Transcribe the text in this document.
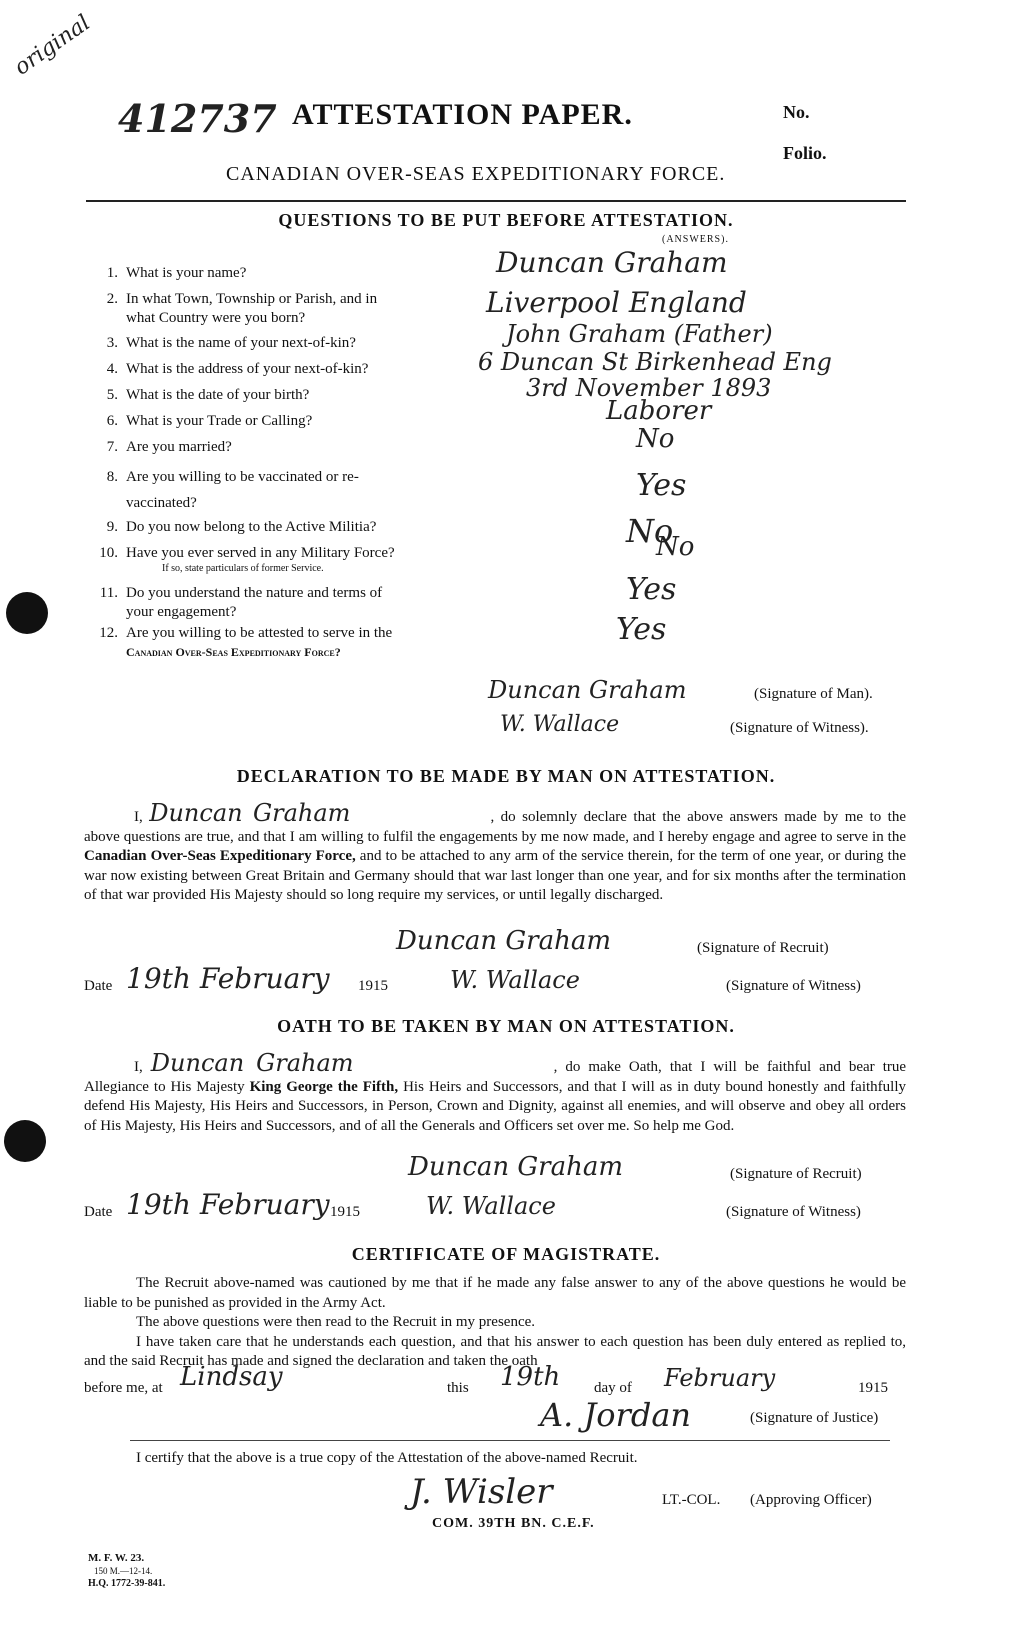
original
412737 ATTESTATION PAPER.	No.
Folio.
CANADIAN OVER-SEAS EXPEDITIONARY FORCE.
QUESTIONS TO BE PUT BEFORE ATTESTATION.
(ANSWERS).
1. What is your name?	Duncan Graham
2. In what Town, Township or Parish, and in
what Country were you born?	Liverpool England
3. What is the name of your next-of-kin?	John Graham (Father)
4. What is the address of your next-of-kin?	6 Duncan St Birkenhead Eng
5. What is the date of your birth?	3rd November 1893
6. What is your Trade or Calling?	Laborer
7. Are you married?	No
8. Are you willing to be vaccinated or re-
vaccinated?	Yes
9. Do you now belong to the Active Militia?	No
10. Have you ever served in any Military Force?
If so, state particulars of former Service.
No
11. Do you understand the nature and terms of
your engagement?
Yes
12. Are you willing to be attested to serve in the
Canadian Over-Seas Expeditionary Force?
Yes
Duncan Graham	(Signature of Man).
W. Wallace	(Signature of Witness).
DECLARATION TO BE MADE BY MAN ON ATTESTATION.
I, Duncan Graham	, do solemnly declare that the above answers made by me to the above questions are true, and that I am willing to fulfil the engagements by me now made, and I hereby engage and agree to serve in the Canadian Over-Seas Expeditionary Force, and to be attached to any arm of the service therein, for the term of one year, or during the war now existing between Great Britain and Germany should that war last longer than one year, and for six months after the termination of that war provided His Majesty should so long require my services, or until legally discharged.
Duncan Graham	(Signature of Recruit)
Date 19th February 1915	W. Wallace	(Signature of Witness)
OATH TO BE TAKEN BY MAN ON ATTESTATION.
I, Duncan Graham	, do make Oath, that I will be faithful and bear true Allegiance to His Majesty King George the Fifth, His Heirs and Successors, and that I will as in duty bound honestly and faithfully defend His Majesty, His Heirs and Successors, in Person, Crown and Dignity, against all enemies, and will observe and obey all orders of His Majesty, His Heirs and Successors, and of all the Generals and Officers set over me. So help me God.
Duncan Graham	(Signature of Recruit)
Date 19th February 1915	W. Wallace	(Signature of Witness)
CERTIFICATE OF MAGISTRATE.
The Recruit above-named was cautioned by me that if he made any false answer to any of the above questions he would be liable to be punished as provided in the Army Act.
The above questions were then read to the Recruit in my presence.
I have taken care that he understands each question, and that his answer to each question has been duly entered as replied to, and the said Recruit has made and signed the declaration and taken the oath
before me, at Lindsay	this 19th day of February	1915
A. Jordan	(Signature of Justice)
I certify that the above is a true copy of the Attestation of the above-named Recruit.
J. Wisler	LT.-COL. (Approving Officer)
COM. 39TH BN. C.E.F.
M. F. W. 23.
150 M.—12-14.
H.Q. 1772-39-841.
